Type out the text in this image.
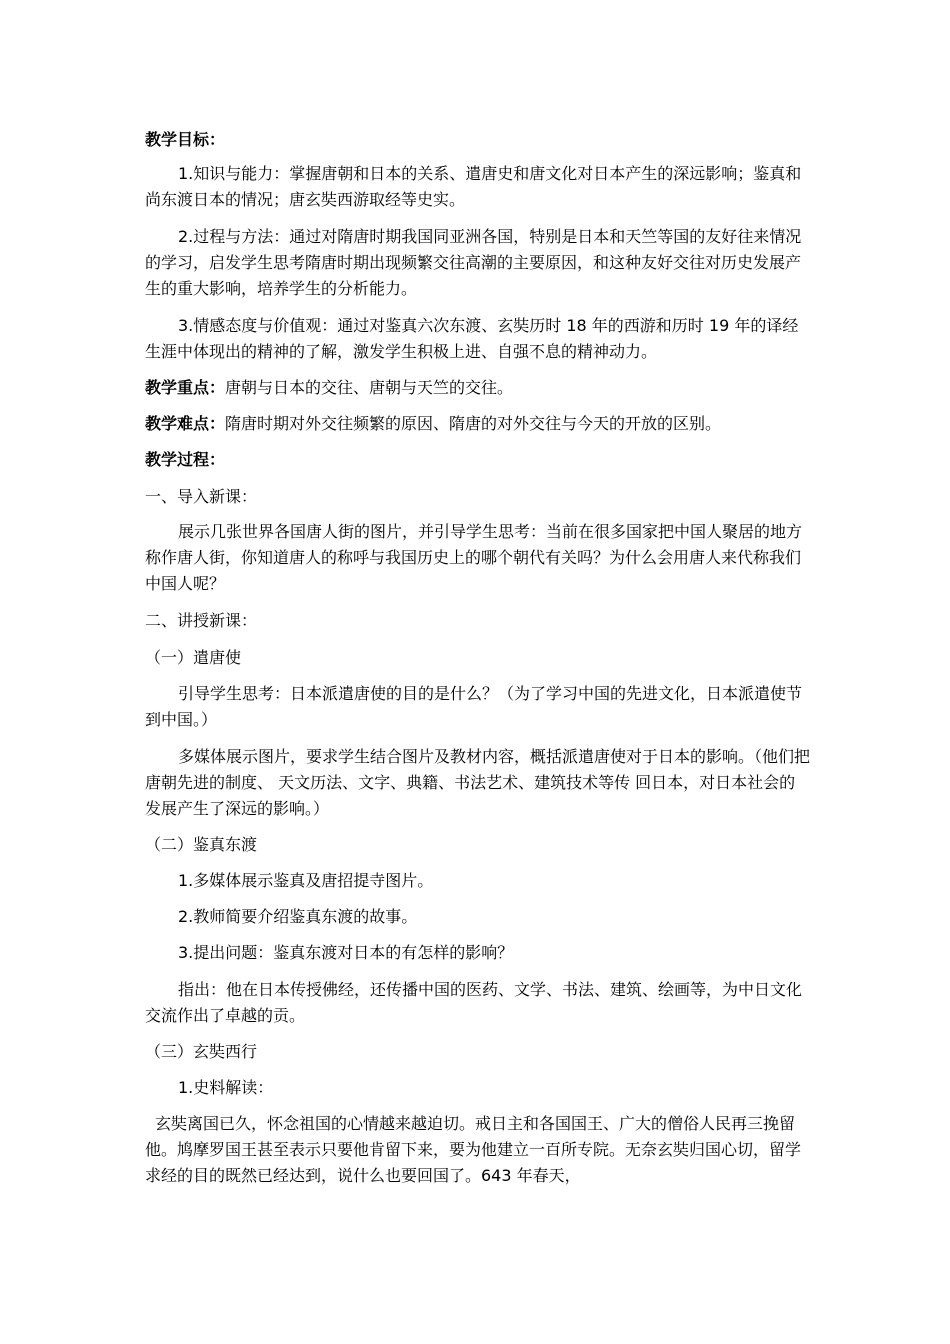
教学目标：

1.知识与能力：掌握唐朝和日本的关系、遣唐史和唐文化对日本产生的深远影响；鉴真和尚东渡日本的情况；唐玄奘西游取经等史实。

2.过程与方法：通过对隋唐时期我国同亚洲各国，特别是日本和天竺等国的友好往来情况的学习，启发学生思考隋唐时期出现频繁交往高潮的主要原因，和这种友好交往对历史发展产生的重大影响，培养学生的分析能力。

3.情感态度与价值观：通过对鉴真六次东渡、玄奘历时 18 年的西游和历时 19 年的译经生涯中体现出的精神的了解，激发学生积极上进、自强不息的精神动力。

教学重点：唐朝与日本的交往、唐朝与天竺的交往。

教学难点：隋唐时期对外交往频繁的原因、隋唐的对外交往与今天的开放的区别。

教学过程：

一、导入新课：

展示几张世界各国唐人街的图片，并引导学生思考：当前在很多国家把中国人聚居的地方称作唐人街，你知道唐人的称呼与我国历史上的哪个朝代有关吗？为什么会用唐人来代称我们中国人呢？

二、讲授新课：

（一）遣唐使

引导学生思考：日本派遣唐使的目的是什么？（为了学习中国的先进文化，日本派遣使节到中国。）

多媒体展示图片，要求学生结合图片及教材内容，概括派遣唐使对于日本的影响。（他们把唐朝先进的制度、 天文历法、文字、典籍、书法艺术、建筑技术等传 回日本，对日本社会的发展产生了深远的影响。）

（二）鉴真东渡

1.多媒体展示鉴真及唐招提寺图片。

2.教师简要介绍鉴真东渡的故事。

3.提出问题：鉴真东渡对日本的有怎样的影响？

指出：他在日本传授佛经，还传播中国的医药、文学、书法、建筑、绘画等，为中日文化交流作出了卓越的贡。

（三）玄奘西行

1.史料解读：

玄奘离国已久，怀念祖国的心情越来越迫切。戒日主和各国国王、广大的僧俗人民再三挽留他。鸠摩罗国王甚至表示只要他肯留下来，要为他建立一百所专院。无奈玄奘归国心切，留学求经的目的既然已经达到，说什么也要回国了。643 年春天，
